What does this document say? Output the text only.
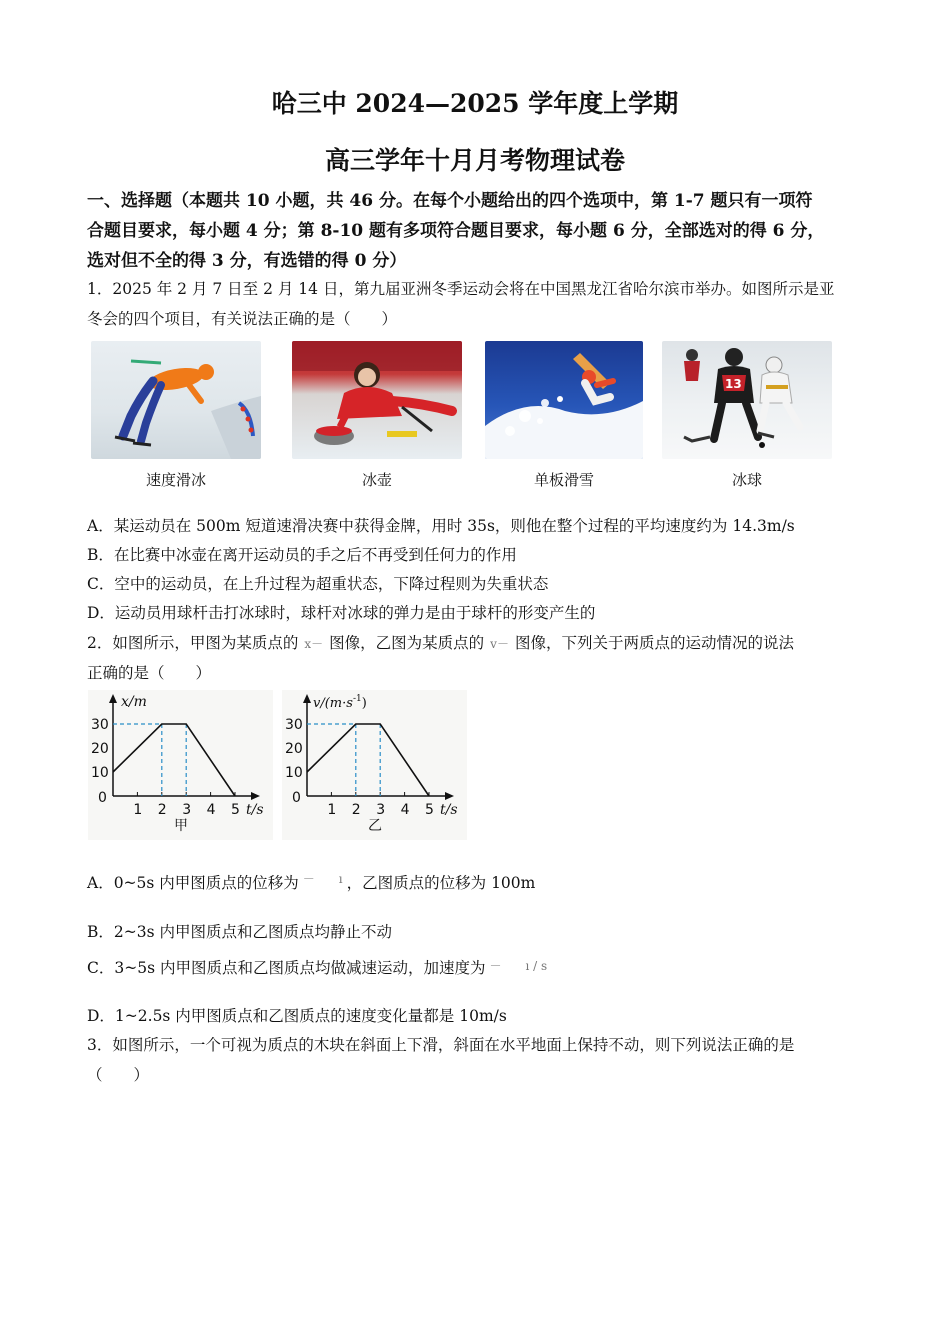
哈三中 2024—2025 学年度上学期
高三学年十月月考物理试卷
一、选择题（本题共 10 小题，共 46 分。在每个小题给出的四个选项中，第 1-7 题只有一项符
合题目要求，每小题 4 分；第 8-10 题有多项符合题目要求，每小题 6 分，全部选对的得 6 分，
选对但不全的得 3 分，有选错的得 0 分）
1．2025 年 2 月 7 日至 2 月 14 日，第九届亚洲冬季运动会将在中国黑龙江省哈尔滨市举办。如图所示是亚
冬会的四个项目，有关说法正确的是（　　）
13
速度滑冰	冰壶	单板滑雪	冰球
A．某运动员在 500m 短道速滑决赛中获得金牌，用时 35s，则他在整个过程的平均速度约为 14.3m/s
B．在比赛中冰壶在离开运动员的手之后不再受到任何力的作用
C．空中的运动员，在上升过程为超重状态，下降过程则为失重状态
D．运动员用球杆击打冰球时，球杆对冰球的弹力是由于球杆的形变产生的
2．如图所示，甲图为某质点的 x－ 图像，乙图为某质点的 v－ 图像，下列关于两质点的运动情况的说法
正确的是（　　）
x/m
t/s
0
甲
10
20
30
1 2 3 4 5
$v/(m\cdot s^{-1})$
t/s
0
乙
10
20
30
1 2 3 4 5
A．0~5s 内甲图质点的位移为 $^{- ı}$ ，乙图质点的位移为 100m
B．2~3s 内甲图质点和乙图质点均静止不动
C．3~5s 内甲图质点和乙图质点均做减速运动，加速度为 －　　ı / s
D．1~2.5s 内甲图质点和乙图质点的速度变化量都是 10m/s
3．如图所示，一个可视为质点的木块在斜面上下滑，斜面在水平地面上保持不动，则下列说法正确的是
（　　）
